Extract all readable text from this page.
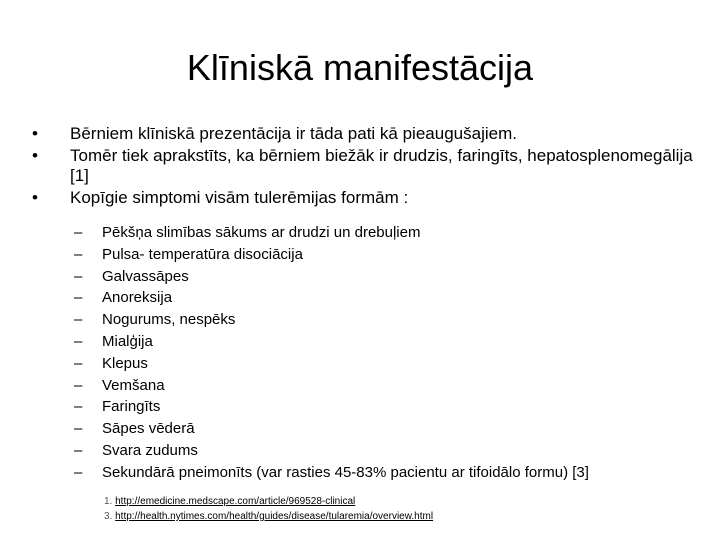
Klīniskā manifestācija
• Bērniem klīniskā prezentācija ir tāda pati kā pieaugušajiem.
• Tomēr tiek aprakstīts, ka bērniem biežāk ir drudzis, faringīts, hepatosplenomegālija [1]
• Kopīgie simptomi visām tulerēmijas formām :
– Pēkšņa slimības sākums ar drudzi un drebuļiem
– Pulsa- temperatūra disociācija
– Galvassāpes
– Anoreksija
– Nogurums, nespēks
– Mialģija
– Klepus
– Vemšana
– Faringīts
– Sāpes vēderā
– Svara zudums
– Sekundārā pneimonīts (var rasties 45-83% pacientu ar tifoidālo formu) [3]
1. http://emedicine.medscape.com/article/969528-clinical
3. http://health.nytimes.com/health/guides/disease/tularemia/overview.html
